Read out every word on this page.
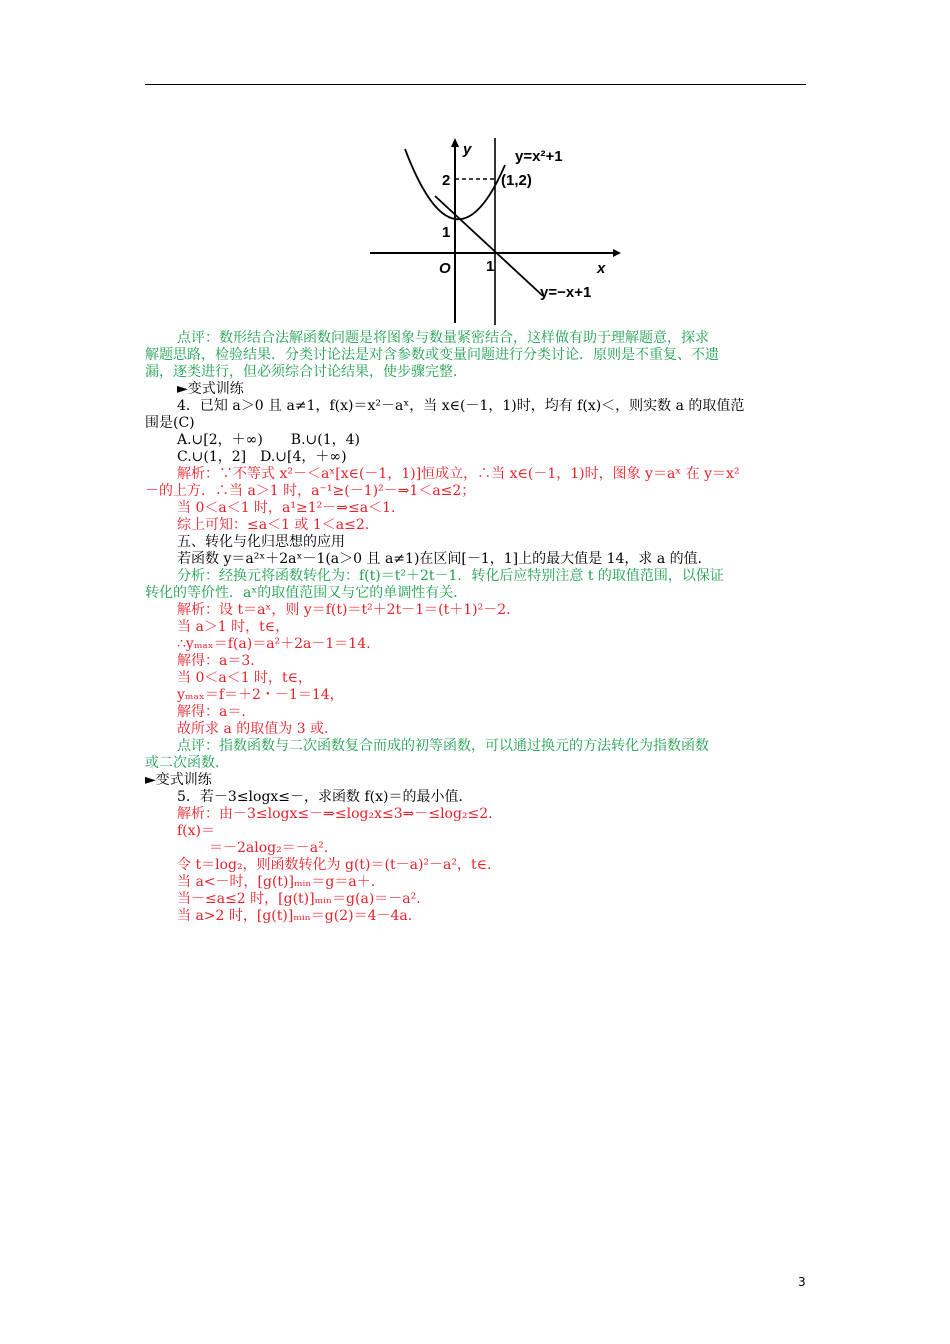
y
x
O 1
1
2	(1,2)
y=x²+1
y=−x+1
点评：数形结合法解函数问题是将图象与数量紧密结合，这样做有助于理解题意，探求
解题思路，检验结果．分类讨论法是对含参数或变量问题进行分类讨论．原则是不重复、不遗
漏，逐类进行，但必须综合讨论结果，使步骤完整．
►变式训练
4．已知 a＞0 且 a≠1，f(x)＝x²－aˣ，当 x∈(－1，1)时，均有 f(x)＜，则实数 a 的取值范
围是(C)
A.∪[2，＋∞)　　B.∪(1，4)
C.∪(1，2]　D.∪[4，＋∞)
解析：∵不等式 x²－＜aˣ[x∈(－1，1)]恒成立，∴当 x∈(－1，1)时，图象 y＝aˣ 在 y＝x²
－的上方．∴当 a＞1 时，a⁻¹≥(－1)²－⇒1＜a≤2；
当 0＜a＜1 时，a¹≥1²－⇒≤a＜1.
综上可知：≤a＜1 或 1＜a≤2.
五、转化与化归思想的应用
若函数 y＝a²ˣ＋2aˣ－1(a＞0 且 a≠1)在区间[－1，1]上的最大值是 14，求 a 的值．
分析：经换元将函数转化为：f(t)＝t²＋2t－1．转化后应特别注意 t 的取值范围，以保证
转化的等价性．aˣ的取值范围又与它的单调性有关．
解析：设 t＝aˣ，则 y＝f(t)＝t²＋2t－1＝(t＋1)²－2.
当 a＞1 时，t∈，
∴yₘₐₓ＝f(a)＝a²＋2a－1＝14.
解得：a＝3.
当 0＜a＜1 时，t∈，
yₘₐₓ＝f＝＋2・－1＝14，
解得：a＝.
故所求 a 的取值为 3 或.
点评：指数函数与二次函数复合而成的初等函数，可以通过换元的方法转化为指数函数
或二次函数．
►变式训练
5．若－3≤logx≤－，求函数 f(x)＝的最小值．
解析：由－3≤logx≤－⇒≤log₂x≤3⇒－≤log₂≤2.
f(x)＝
＝－2alog₂＝－a².
令 t＝log₂，则函数转化为 g(t)＝(t－a)²－a²，t∈.
当 a<－时，[g(t)]ₘᵢₙ＝g＝a＋.
当－≤a≤2 时，[g(t)]ₘᵢₙ＝g(a)＝－a².
当 a>2 时，[g(t)]ₘᵢₙ＝g(2)＝4－4a.
3
